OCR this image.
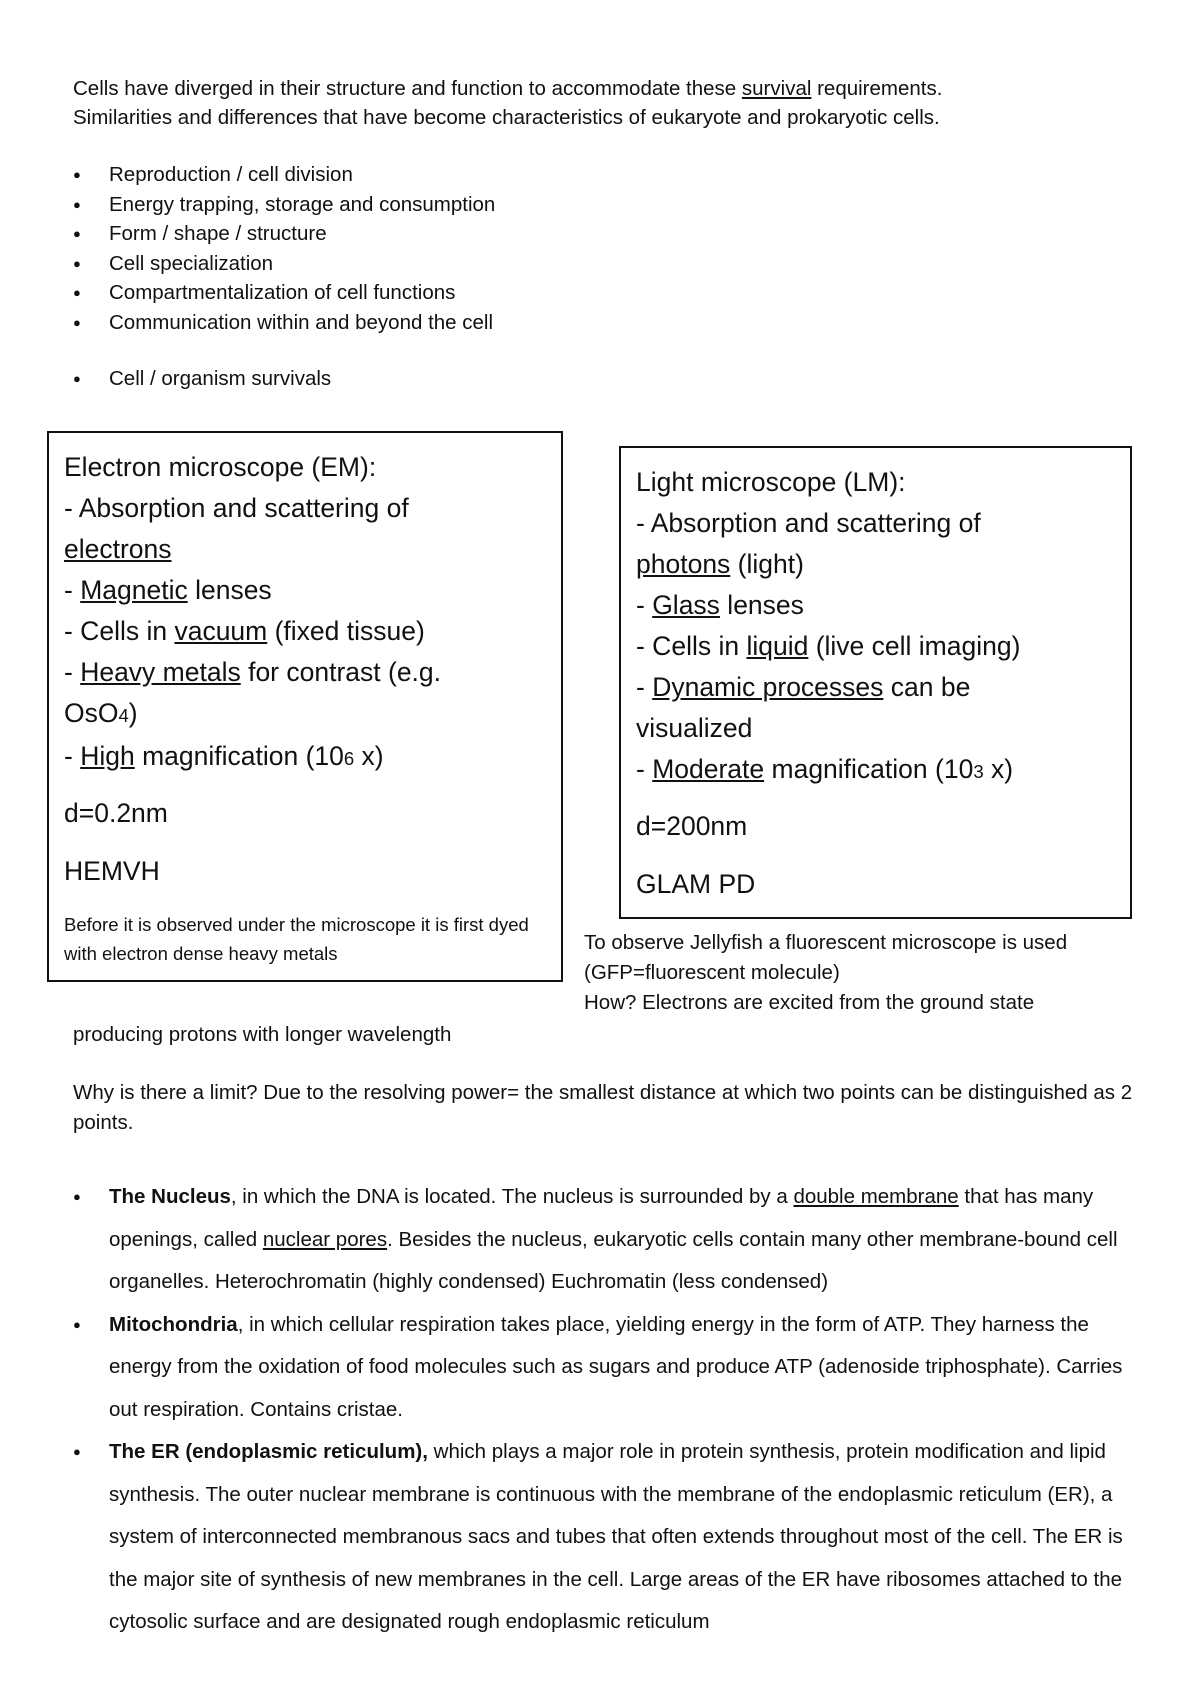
Cells have diverged in their structure and function to accommodate these survival requirements.
Similarities and differences that have become characteristics of eukaryote and prokaryotic cells.

● Reproduction / cell division
● Energy trapping, storage and consumption
● Form / shape / structure
● Cell specialization
● Compartmentalization of cell functions
● Communication within and beyond the cell
● Cell / organism survivals

Electron microscope (EM):

- Absorption and scattering of

electrons

- Magnetic lenses

- Cells in vacuum (fixed tissue)

- Heavy metals for contrast (e.g.

OsO4)

- High magnification (106 x)

d=0.2nm

HEMVH

Before it is observed under the microscope it is first dyed with electron dense heavy metals

Light microscope (LM):

- Absorption and scattering of

photons (light)

- Glass lenses

- Cells in liquid (live cell imaging)

- Dynamic processes can be

visualized

- Moderate magnification (103 x)

d=200nm

GLAM PD

To observe Jellyfish a fluorescent microscope is used
(GFP=fluorescent molecule)
How? Electrons are excited from the ground state

producing protons with longer wavelength

Why is there a limit? Due to the resolving power= the smallest distance at which two points can be distinguished as 2 points.

● The Nucleus, in which the DNA is located. The nucleus is surrounded by a double membrane that has many openings, called nuclear pores. Besides the nucleus, eukaryotic cells contain many other membrane-bound cell organelles. Heterochromatin (highly condensed) Euchromatin (less condensed)
● Mitochondria, in which cellular respiration takes place, yielding energy in the form of ATP. They harness the energy from the oxidation of food molecules such as sugars and produce ATP (adenoside triphosphate). Carries out respiration. Contains cristae.
● The ER (endoplasmic reticulum), which plays a major role in protein synthesis, protein modification and lipid synthesis. The outer nuclear membrane is continuous with the membrane of the endoplasmic reticulum (ER), a system of interconnected membranous sacs and tubes that often extends throughout most of the cell. The ER is the major site of synthesis of new membranes in the cell. Large areas of the ER have ribosomes attached to the cytosolic surface and are designated rough endoplasmic reticulum
